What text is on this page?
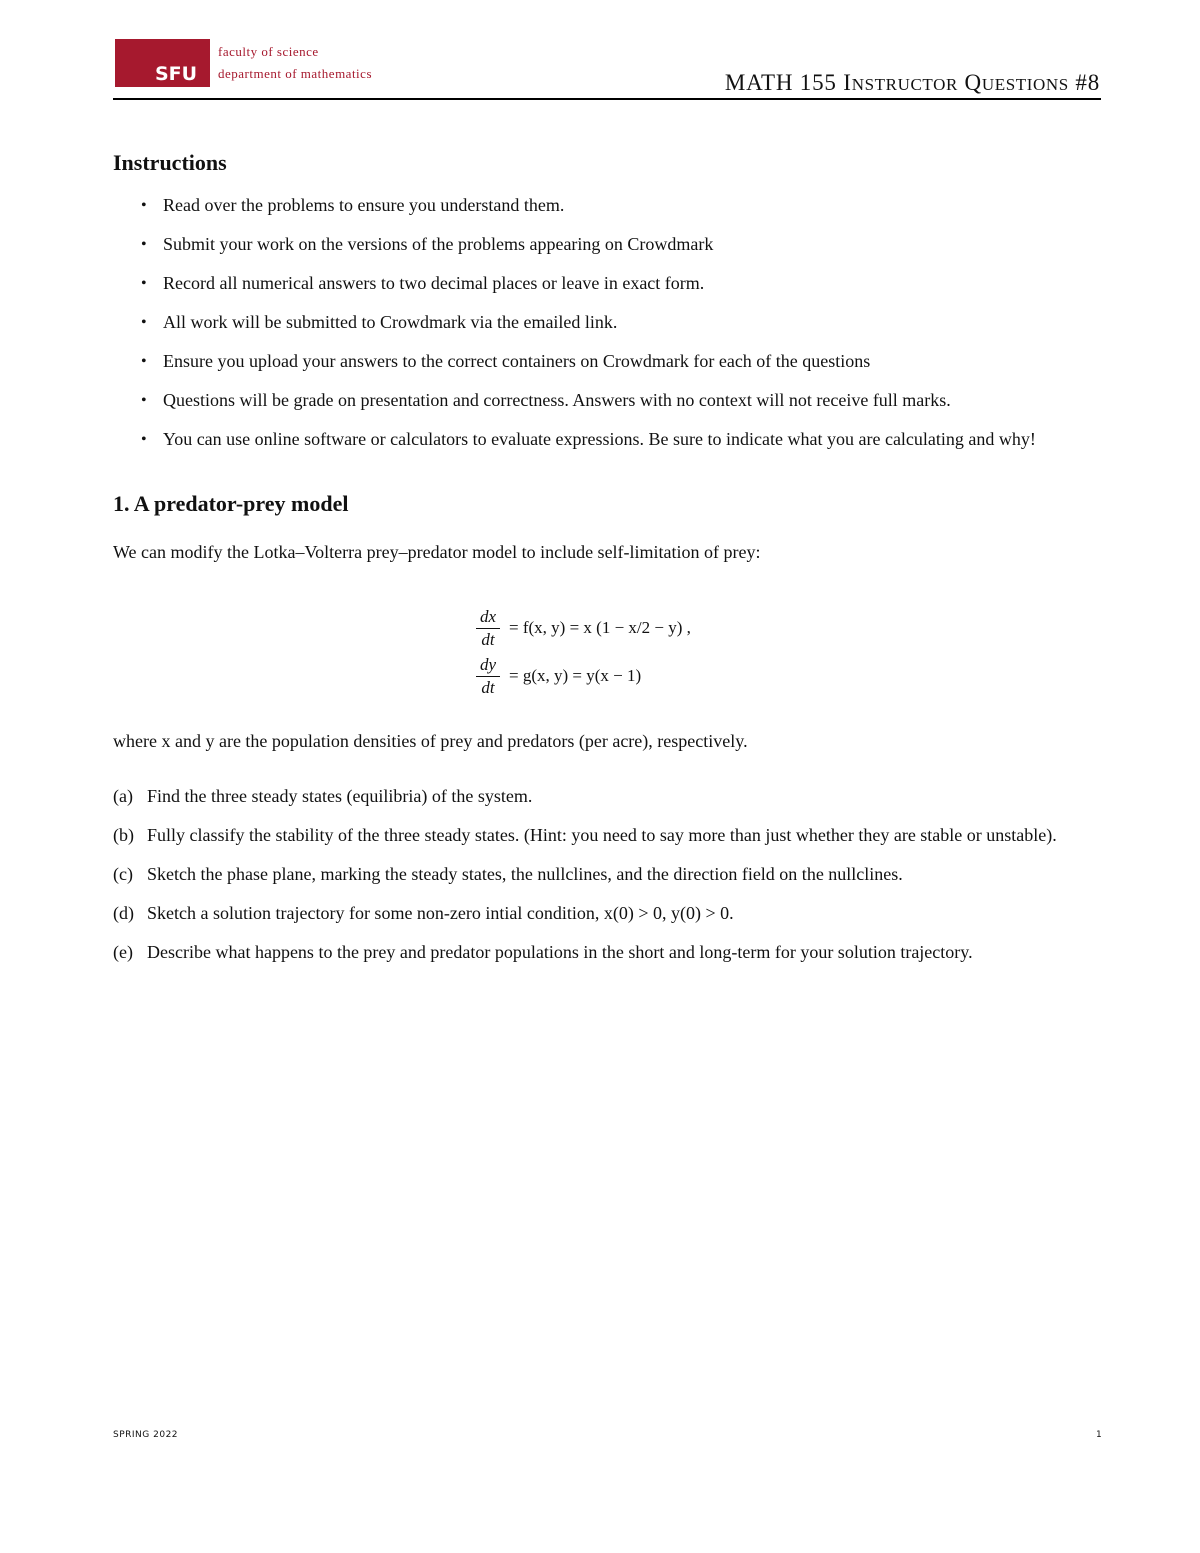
SFU
faculty of science
department of mathematics	MATH 155 INSTRUCTOR QUESTIONS #8
Instructions
• Read over the problems to ensure you understand them.
• Submit your work on the versions of the problems appearing on Crowdmark
• Record all numerical answers to two decimal places or leave in exact form.
• All work will be submitted to Crowdmark via the emailed link.
• Ensure you upload your answers to the correct containers on Crowdmark for each of the questions
• Questions will be grade on presentation and correctness. Answers with no context will not receive full marks.
• You can use online software or calculators to evaluate expressions. Be sure to indicate what you are calculating and why!
1. A predator-prey model
We can modify the Lotka–Volterra prey–predator model to include self-limitation of prey:
$\frac{dx}{dt} = f(x$, y) = x (1 − x/2 − y) ,
$\frac{dy}{dt} = g(x$, y) = y(x − 1)
where x and y are the population densities of prey and predators (per acre), respectively.
(a) Find the three steady states (equilibria) of the system.
(b) Fully classify the stability of the three steady states. (Hint: you need to say more than just whether they are stable or unstable).
(c) Sketch the phase plane, marking the steady states, the nullclines, and the direction field on the nullclines.
(d) Sketch a solution trajectory for some non-zero intial condition, x(0) > 0, y(0) > 0.
(e) Describe what happens to the prey and predator populations in the short and long-term for your solution trajectory.
SPRING 2022	1
